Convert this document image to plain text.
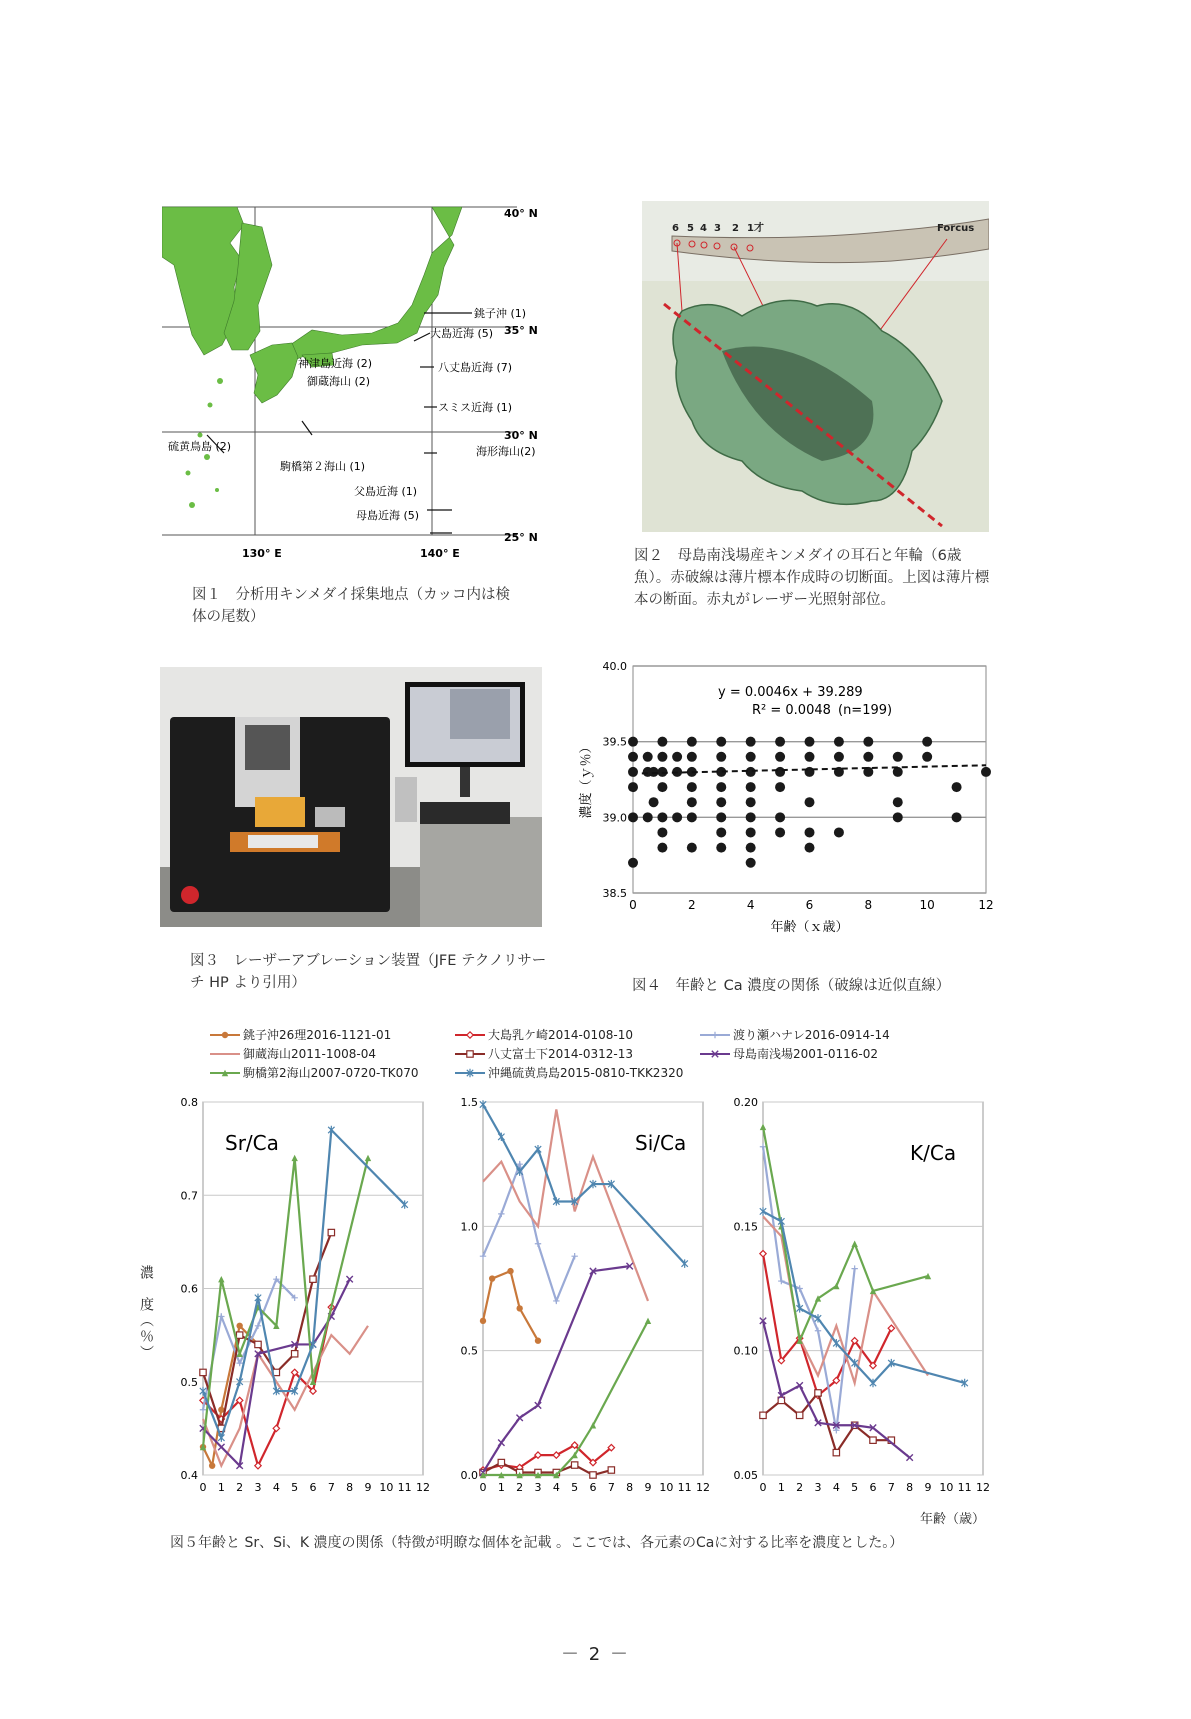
40° N
35° N
30° N
25° N
130° E	140° E
銚子沖 (1)
大島近海 (5)
神津島近海 (2)
御蔵海山 (2)
八丈島近海 (7)
スミス近海 (1)
海形海山(2)
硫黄鳥島 (2)
駒橋第２海山 (1)
父島近海 (1)
母島近海 (5)
図１　分析用キンメダイ採集地点（カッコ内は検体の尾数）
6 5 4 3 2 1才	Forcus
図２　母島南浅場産キンメダイの耳石と年輪（6歳魚）。赤破線は薄片標本作成時の切断面。上図は薄片標本の断面。赤丸がレーザー光照射部位。
図３　レーザーアブレーション装置（JFE テクノリサーチ HP より引用）
38.5
39.0
39.5
40.0
0	2	4	6	8	10	12
y = 0.0046x + 39.289
R² = 0.0048 (n=199)
年齢（ｘ歳）
濃度（ｙ％）
図４　年齢と Ca 濃度の関係（破線は近似直線）
銚子沖26理2016-1121-01	大島乳ケ崎2014-0108-10	渡り瀬ハナレ2016-0914-14
御蔵海山2011-1008-04	八丈富士下2014-0312-13	母島南浅場2001-0116-02
駒橋第2海山2007-0720-TK070	沖縄硫黄鳥島2015-0810-TKK2320
濃　度（％）
0.4
0.5
0.6
0.7
0.8
0 1 2 3 4 5 6 7 8 9 10 11 12
Sr/Ca
0.0
0.5
1.0
1.5
0 1 2 3 4 5 6 7 8 9 10 11 12
Si/Ca
0.05
0.10
0.15
0.20
0 1 2 3 4 5 6 7 8 9 10 11 12
K/Ca
年齢（歳）
図５年齢と Sr、Si、K 濃度の関係（特徴が明瞭な個体を記載 。ここでは、各元素のCaに対する比率を濃度とした。）
－ 2 －
